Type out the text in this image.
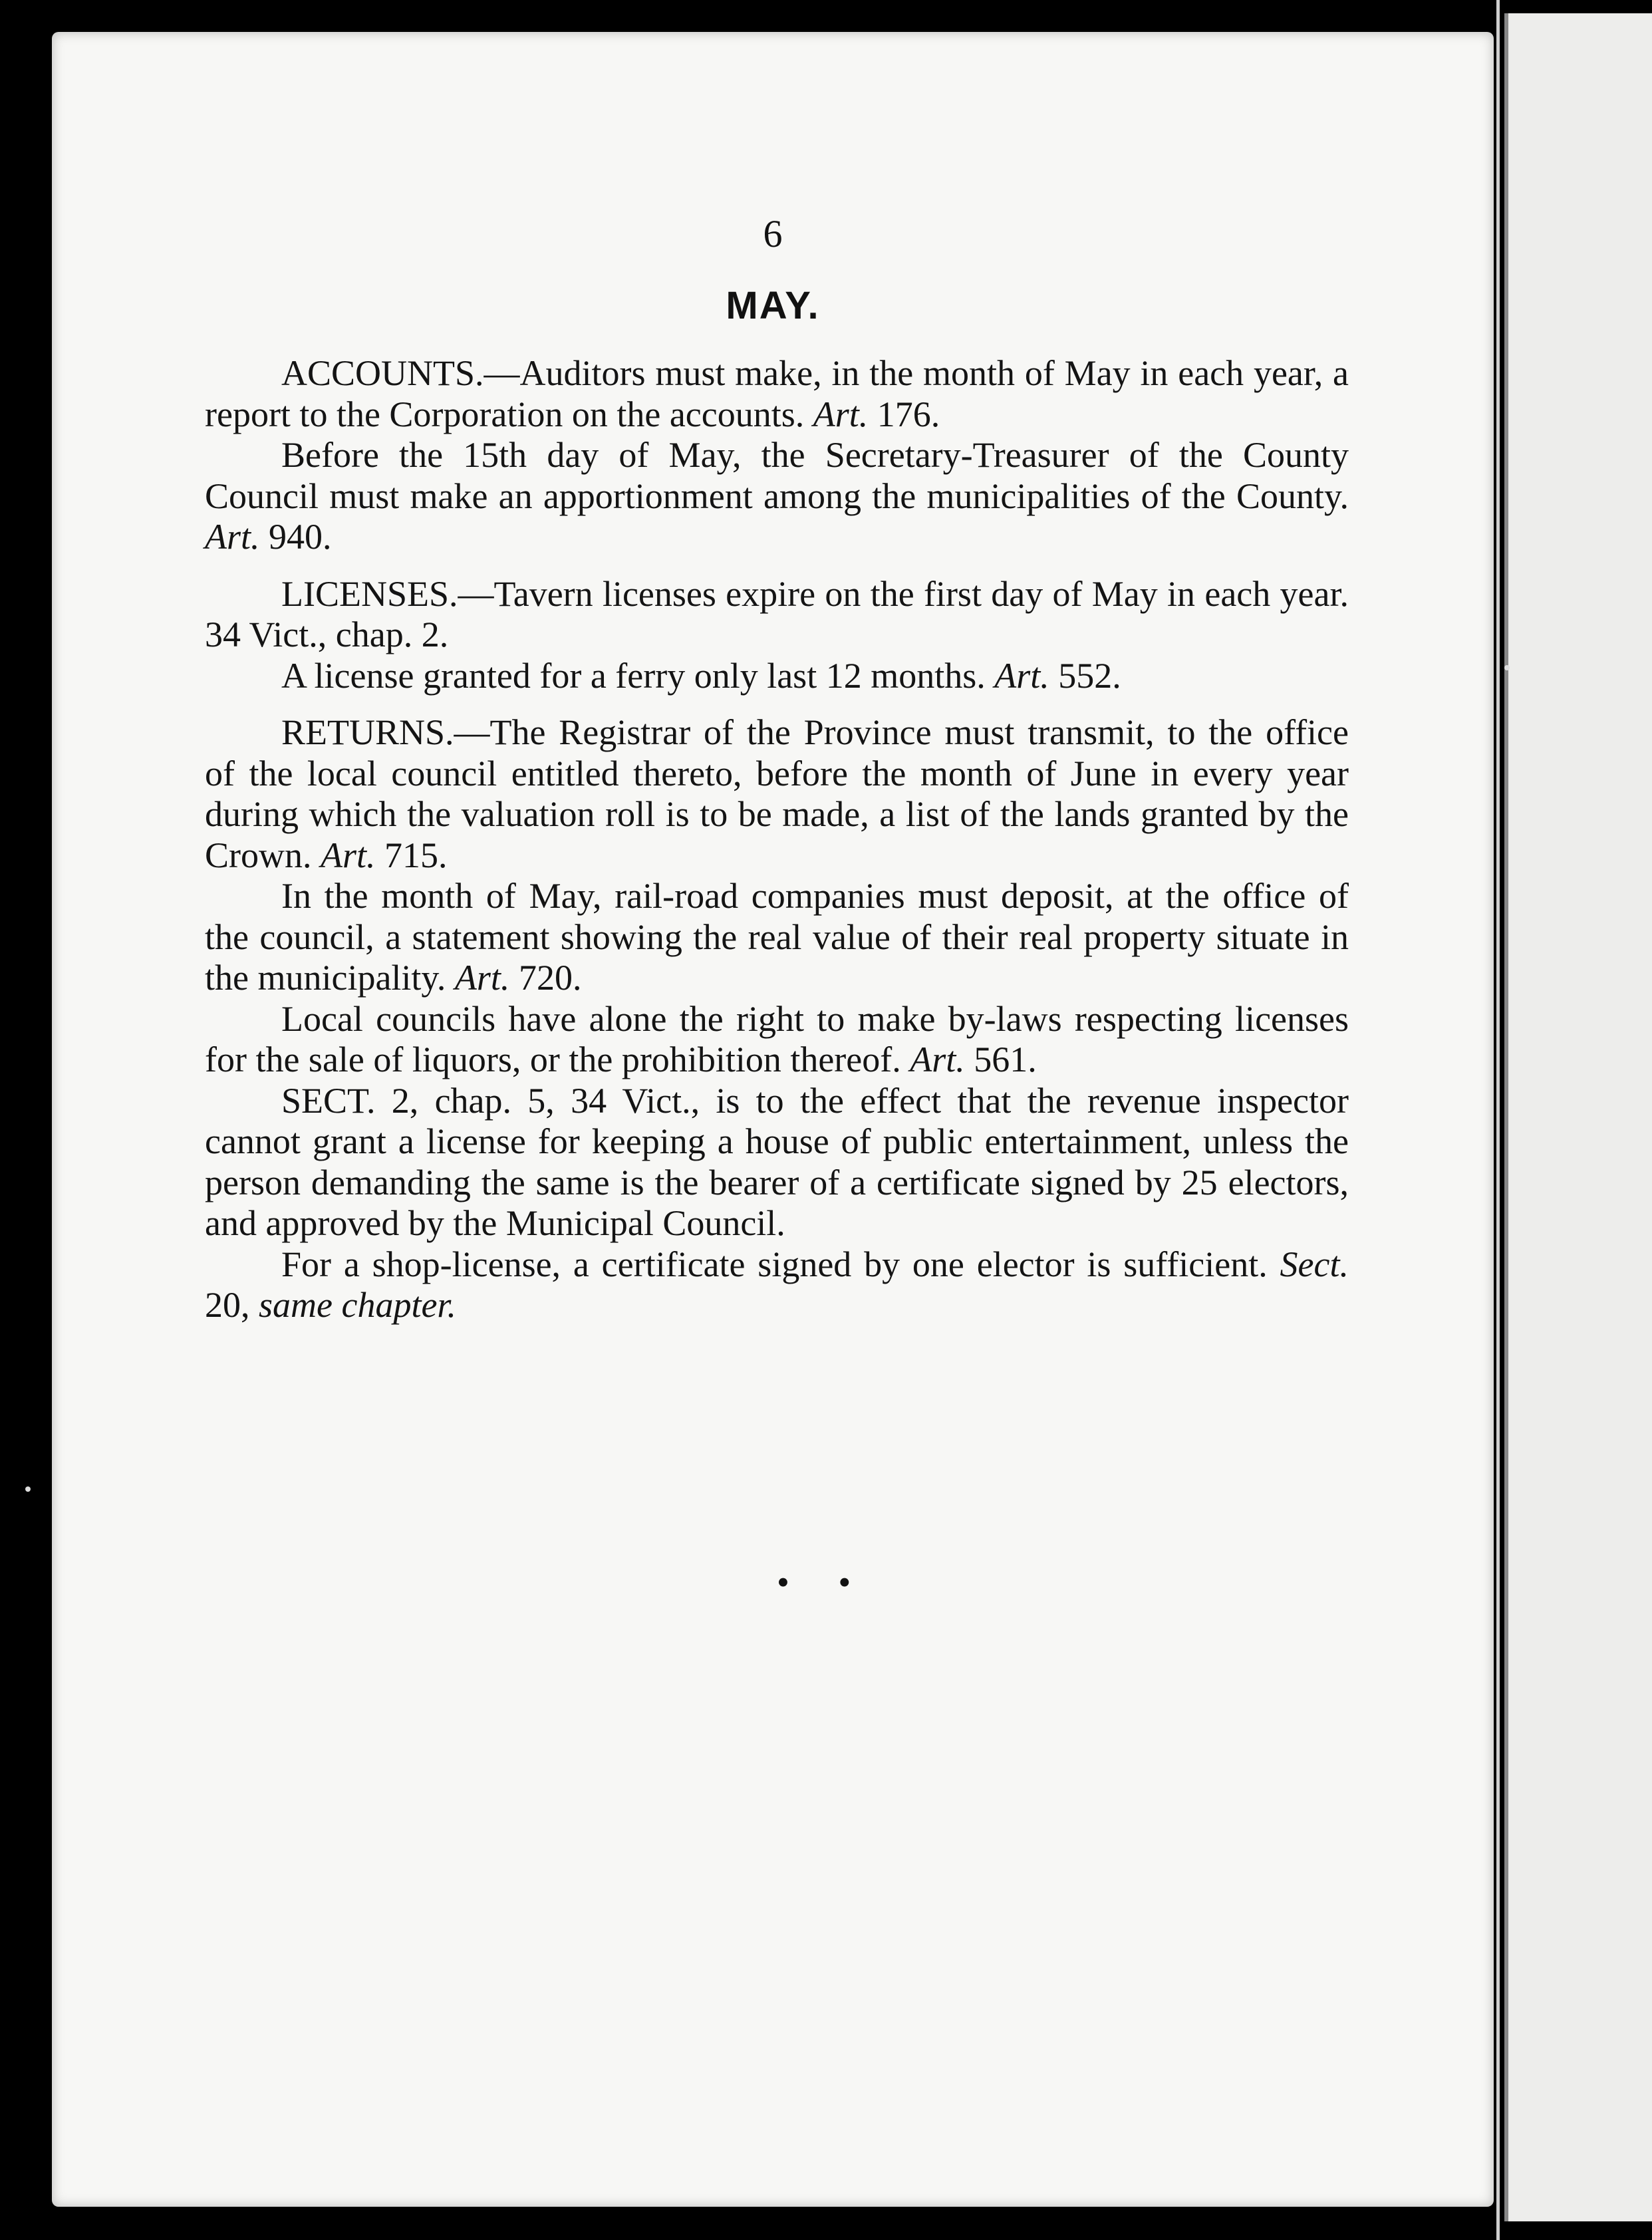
6
MAY.

ACCOUNTS.—Auditors must make, in the month of May in each year, a report to the Corporation on the accounts. Art. 176.

Before the 15th day of May, the Secretary-Treasurer of the County Council must make an apportionment among the municipalities of the County. Art. 940.

LICENSES.—Tavern licenses expire on the first day of May in each year. 34 Vict., chap. 2.

A license granted for a ferry only last 12 months. Art. 552.

RETURNS.—The Registrar of the Province must transmit, to the office of the local council entitled thereto, before the month of June in every year during which the valuation roll is to be made, a list of the lands granted by the Crown. Art. 715.

In the month of May, rail-road companies must deposit, at the office of the council, a statement showing the real value of their real property situate in the municipality. Art. 720.

Local councils have alone the right to make by-laws respecting licenses for the sale of liquors, or the prohibition thereof. Art. 561.

SECT. 2, chap. 5, 34 Vict., is to the effect that the revenue inspector cannot grant a license for keeping a house of public entertainment, unless the person demanding the same is the bearer of a certificate signed by 25 electors, and approved by the Municipal Council.

For a shop-license, a certificate signed by one elector is sufficient. Sect. 20, same chapter.

• •
